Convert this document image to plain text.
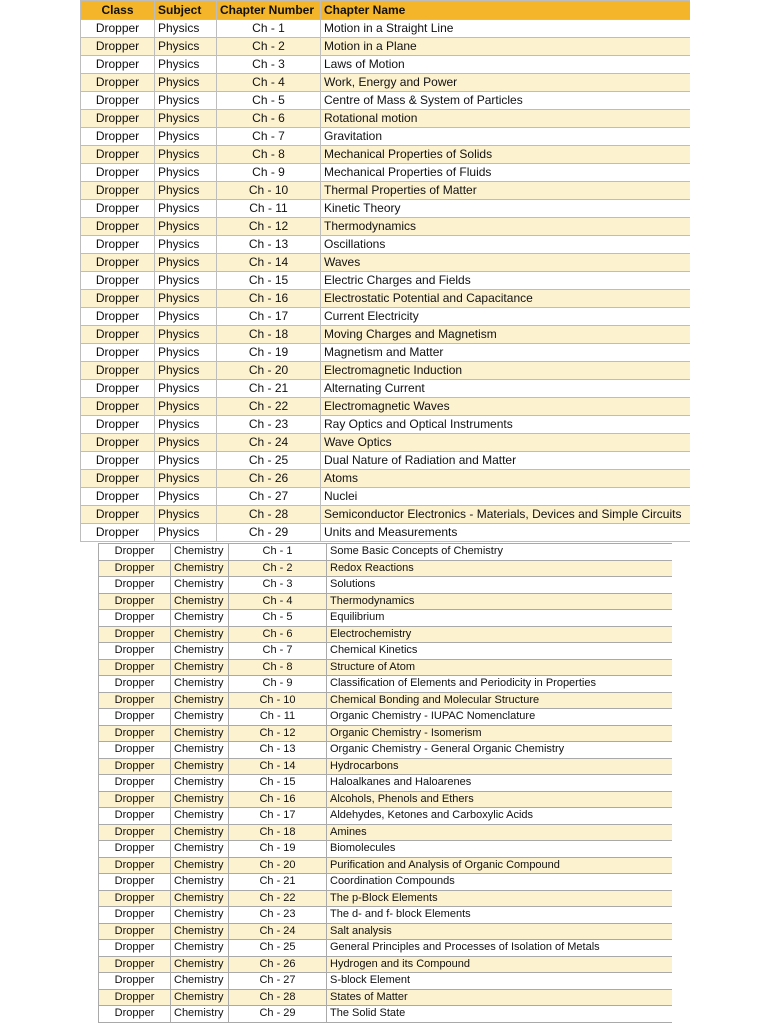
Class	Subject	Chapter Number	Chapter Name
Dropper	Physics	Ch - 1	Motion in a Straight Line
Dropper	Physics	Ch - 2	Motion in a Plane
Dropper	Physics	Ch - 3	Laws of Motion
Dropper	Physics	Ch - 4	Work, Energy and Power
Dropper	Physics	Ch - 5	Centre of Mass & System of Particles
Dropper	Physics	Ch - 6	Rotational motion
Dropper	Physics	Ch - 7	Gravitation
Dropper	Physics	Ch - 8	Mechanical Properties of Solids
Dropper	Physics	Ch - 9	Mechanical Properties of Fluids
Dropper	Physics	Ch - 10	Thermal Properties of Matter
Dropper	Physics	Ch - 11	Kinetic Theory
Dropper	Physics	Ch - 12	Thermodynamics
Dropper	Physics	Ch - 13	Oscillations
Dropper	Physics	Ch - 14	Waves
Dropper	Physics	Ch - 15	Electric Charges and Fields
Dropper	Physics	Ch - 16	Electrostatic Potential and Capacitance
Dropper	Physics	Ch - 17	Current Electricity
Dropper	Physics	Ch - 18	Moving Charges and Magnetism
Dropper	Physics	Ch - 19	Magnetism and Matter
Dropper	Physics	Ch - 20	Electromagnetic Induction
Dropper	Physics	Ch - 21	Alternating Current
Dropper	Physics	Ch - 22	Electromagnetic Waves
Dropper	Physics	Ch - 23	Ray Optics and Optical Instruments
Dropper	Physics	Ch - 24	Wave Optics
Dropper	Physics	Ch - 25	Dual Nature of Radiation and Matter
Dropper	Physics	Ch - 26	Atoms
Dropper	Physics	Ch - 27	Nuclei
Dropper	Physics	Ch - 28	Semiconductor Electronics - Materials, Devices and Simple Circuits
Dropper	Physics	Ch - 29	Units and Measurements
Dropper	Chemistry	Ch - 1	Some Basic Concepts of Chemistry
Dropper	Chemistry	Ch - 2	Redox Reactions
Dropper	Chemistry	Ch - 3	Solutions
Dropper	Chemistry	Ch - 4	Thermodynamics
Dropper	Chemistry	Ch - 5	Equilibrium
Dropper	Chemistry	Ch - 6	Electrochemistry
Dropper	Chemistry	Ch - 7	Chemical Kinetics
Dropper	Chemistry	Ch - 8	Structure of Atom
Dropper	Chemistry	Ch - 9	Classification of Elements and Periodicity in Properties
Dropper	Chemistry	Ch - 10	Chemical Bonding and Molecular Structure
Dropper	Chemistry	Ch - 11	Organic Chemistry - IUPAC Nomenclature
Dropper	Chemistry	Ch - 12	Organic Chemistry - Isomerism
Dropper	Chemistry	Ch - 13	Organic Chemistry - General Organic Chemistry
Dropper	Chemistry	Ch - 14	Hydrocarbons
Dropper	Chemistry	Ch - 15	Haloalkanes and Haloarenes
Dropper	Chemistry	Ch - 16	Alcohols, Phenols and Ethers
Dropper	Chemistry	Ch - 17	Aldehydes, Ketones and Carboxylic Acids
Dropper	Chemistry	Ch - 18	Amines
Dropper	Chemistry	Ch - 19	Biomolecules
Dropper	Chemistry	Ch - 20	Purification and Analysis of Organic Compound
Dropper	Chemistry	Ch - 21	Coordination Compounds
Dropper	Chemistry	Ch - 22	The p-Block Elements
Dropper	Chemistry	Ch - 23	The d- and f- block Elements
Dropper	Chemistry	Ch - 24	Salt analysis
Dropper	Chemistry	Ch - 25	General Principles and Processes of Isolation of Metals
Dropper	Chemistry	Ch - 26	Hydrogen and its Compound
Dropper	Chemistry	Ch - 27	S-block Element
Dropper	Chemistry	Ch - 28	States of Matter
Dropper	Chemistry	Ch - 29	The Solid State
